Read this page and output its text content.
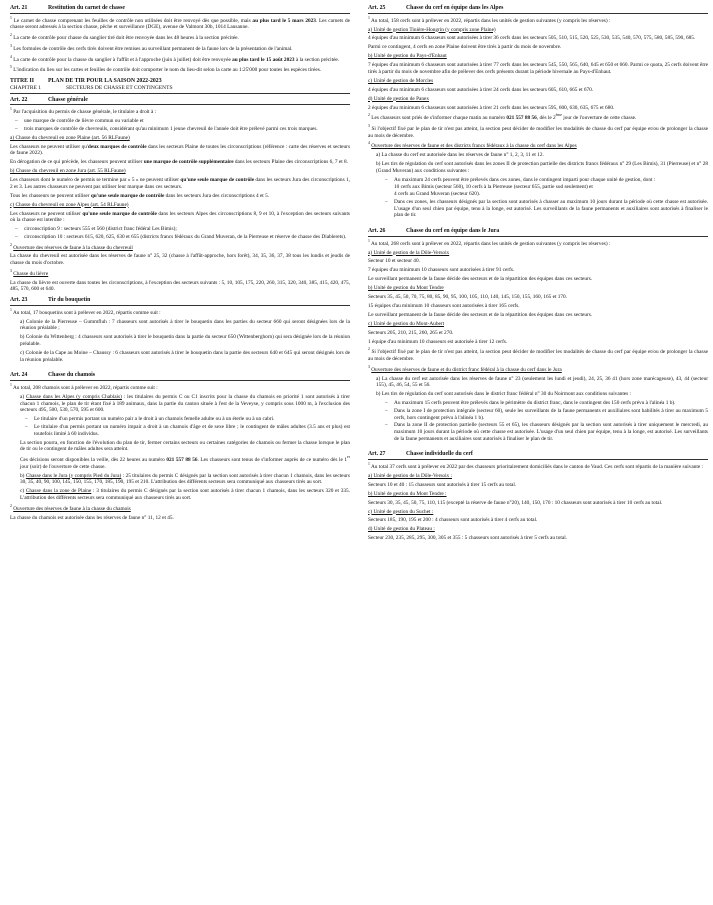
Art. 21	Restitution du carnet de chasse

$^1$ Le carnet de chasse comprenant les feuilles de contrôle non utilisées doit être renvoyé dès que possible, mais au plus tard le 5 mars 2023. Les carnets de chasse seront adressés à la section chasse, pêche et surveillance (DGE), avenue de Valmont 30b, 1014 Lausanne.

$^2$ La carte de contrôle pour chasse du sanglier tiré doit être renvoyée dans les 48 heures à la section précitée.

$^3$ Les formules de contrôle des cerfs tirés doivent être remises au surveillant permanent de la faune lors de la présentation de l'animal.

$^4$ La carte de contrôle pour la chasse du sanglier à l'affût et à l'approche (juin à juillet) doit être renvoyée au plus tard le 15 août 2023 à la section précitée.

$^5$ L'indication du lieu sur les cartes et feuilles de contrôle doit comporter le nom du lieu-dit selon la carte au 1:25'000 pour toutes les espèces tirées.

TITRE II	PLAN DE TIR POUR LA SAISON 2022-2023
CHAPITRE 1	SECTEURS DE CHASSE ET CONTINGENTS
Art. 22	Chasse générale

$^1$ Par l'acquisition du permis de chasse générale, le titulaire a droit à :

– une marque de contrôle de lièvre commun ou variable et
– trois marques de contrôle de chevreuils, considérant qu'au minimum 1 jeune chevreuil de l'année doit être prélevé parmi ces trois marques.

a) Chasse du chevreuil en zone Plaine (art. 56 RLFaune)

Les chasseurs ne peuvent utiliser qu'deux marques de contrôle dans les secteurs Plaine de toutes les circonscriptions (référence : carte des réserves et secteurs de faune 2022).

En dérogation de ce qui précède, les chasseurs peuvent utiliser une marque de contrôle supplémentaire dans les secteurs Plaine des circonscriptions 6, 7 et 8.

b) Chasse du chevreuil en zone Jura (art. 55 RLFaune)

Les chasseurs dont le numéro de permis se termine par « 5 » ne peuvent utiliser qu'une seule marque de contrôle dans les secteurs Jura des circonscriptions 1, 2 et 3. Les autres chasseurs ne peuvent pas utiliser leur marque dans ces secteurs.

Tous les chasseurs ne peuvent utiliser qu'une seule marque de contrôle dans les secteurs Jura des circonscriptions 4 et 5.

c) Chasse du chevreuil en zone Alpes (art. 54 RLFaune)

Les chasseurs ne peuvent utiliser qu'une seule marque de contrôle dans les secteurs Alpes des circonscriptions 8, 9 et 10, à l'exception des secteurs suivants où la chasse est interdite :

– circonscription 9 : secteurs 555 et 560 (district franc fédéral Les Bimis);
– circonscription 10 : secteurs 615, 620, 625, 630 et 655 (districts francs fédéraux du Grand Muveran, de la Pierreuse et réserve de chasse des Diablerets).

$^2$ Ouverture des réserves de faune à la chasse du chevreuil

La chasse du chevreuil est autorisée dans les réserves de faune n° 25, 32 (chasse à l'affût-approche, hors forêt), 34, 35, 36, 37, 38 tous les lundis et jeudis de chasse du mois d'octobre.

$^3$ Chasse du lièvre

La chasse du lièvre est ouverte dans toutes les circonscriptions, à l'exception des secteurs suivants : 5, 10, 105, 175, 220, 260, 315, 320, 340, 385, 415, 420, 475, 485, 570, 600 et 640.

Art. 23	Tir du bouquetin

$^1$ Au total, 17 bouquetins sont à prélever en 2022, répartis comme suit :

a) Colonie de la Pierreuse – Gummfluh : 7 chasseurs sont autorisés à tirer le bouquetin dans les parties du secteur 660 qui seront désignées lors de la réunion préalable ;

b) Colonie du Wittenberg : 4 chasseurs sont autorisés à tirer le bouquetin dans la partie du secteur 650 (Wittenberghorn) qui sera désignée lors de la réunion préalable.

c) Colonie de la Cape au Moine – Chaussy : 6 chasseurs sont autorisés à tirer le bouquetin dans la partie des secteurs 640 et 645 qui seront désignés lors de la réunion préalable.

Art. 24	Chasse du chamois

$^1$ Au total, 208 chamois sont à prélever en 2022, répartis comme suit :

a) Chasse dans les Alpes (y compris Chablais) : les titulaires du permis C ou C1 inscrits pour la chasse du chamois en priorité 1 sont autorisés à tirer chacun 1 chamois, le plan de tir étant fixé à 189 animaux, dans la partie du canton située à l'est de la Veveyse, y compris sous 1000 m, à l'exclusion des secteurs 495, 500, 530, 570, 595 et 600.

– Le titulaire d'un permis portant un numéro pair a le droit à un chamois femelle adulte ou à un éterle ou à un cabri.
– Le titulaire d'un permis portant un numéro impair a droit à un chamois d'âge et de sexe libre ; le contingent de mâles adultes (3.5 ans et plus) est toutefois limité à 60 individus.

La section pourra, en fonction de l'évolution du plan de tir, fermer certains secteurs ou certaines catégories de chamois ou fermer la chasse lorsque le plan de tir ou le contingent de mâles adultes sera atteint.

Ces décisions seront disponibles la veille, dès 22 heures au numéro 021 557 88 56. Les chasseurs sont tenus de s'informer auprès de ce numéro dès le 1er jour (soir) de l'ouverture de cette chasse.

b) Chasse dans le Jura (y compris Pied du Jura) : 25 titulaires du permis C désignés par la section sont autorisés à tirer chacun 1 chamois, dans les secteurs 30, 35, 40, 90, 100, 145, 150, 155, 170, 185, 190, 195 et 210. L'attribution des différents secteurs sera communiqué aux chasseurs tirés au sort.

c) Chasse dans la zone de Plaine : 3 titulaires du permis C désignés par la section sont autorisés à tirer chacun 1 chamois, dans les secteurs 320 et 335. L'attribution des différents secteurs sera communiqué aux chasseurs tirés au sort.

$^2$ Ouverture des réserves de faune à la chasse du chamois

La chasse du chamois est autorisée dans les réserves de faune n° 11, 12 et 45.

Art. 25	Chasse du cerf en équipe dans les Alpes

$^1$ Au total, 158 cerfs sont à prélever en 2022, répartis dans les unités de gestion suivantes (y compris les réserves) :

a) Unité de gestion Tinière-Hongrin (y compris zone Plaine)

4 équipes d'au minimum 6 chasseurs sont autorisées à tirer 36 cerfs dans les secteurs 505, 510, 515, 520, 525, 530, 535, 540, 570, 575, 580, 585, 590, 685.

Parmi ce contingent, 4 cerfs en zone Plaine doivent être tirés à partir du mois de novembre.

b) Unité de gestion du Pays-d'Enhaut

7 équipes d'au minimum 6 chasseurs sont autorisées à tirer 77 cerfs dans les secteurs 545, 550, 565, 640, 645 et 650 et 660. Parmi ce quota, 25 cerfs doivent être tirés à partir du mois de novembre afin de prélever des cerfs présents durant la période hivernale au Pays-d'Enhaut.

c) Unité de gestion de Morcles

4 équipes d'au minimum 6 chasseurs sont autorisées à tirer 24 cerfs dans les secteurs 605, 610, 665 et 670.

d) Unité de gestion de Panex

2 équipes d'au minimum 6 chasseurs sont autorisées à tirer 21 cerfs dans les secteurs 595, 600, 630, 635, 675 et 680.

$^2$ Les chasseurs sont priés de s'informer chaque matin au numéro 021 557 88 56, dès le 2ème jour de l'ouverture de cette chasse.

$^3$ Si l'objectif fixé par le plan de tir n'est pas atteint, la section peut décider de modifier les modalités de chasse du cerf par équipe et/ou de prolonger la chasse au mois de décembre.

$^4$ Ouverture des réserves de faune et des districts francs fédéraux à la chasse du cerf dans les Alpes

a) La chasse du cerf est autorisée dans les réserves de faune n° 1, 2, 3, 11 et 12.

b) Les tirs de régulation du cerf sont autorisés dans les zones II de protection partielle des districts francs fédéraux n° 29 (Les Bimis), 31 (Pierreuse) et n° 28 (Grand Muveran) aux conditions suivantes :

– Au maximum 24 cerfs peuvent être prélevés dans ces zones, dans le contingent imparti pour chaque unité de gestion, dont :
10 cerfs aux Bimis (secteur 560), 10 cerfs à la Pierreuse (secteur 655, partie sud seulement) et
4 cerfs au Grand Muveran (secteur 620).
– Dans ces zones, les chasseurs désignés par la section sont autorisés à chasser au maximum 10 jours durant la période où cette chasse est autorisée. L'usage d'un seul chien par équipe, tenu à la longe, est autorisé. Les surveillants de la faune permanents et auxiliaires sont autorisés à finaliser le plan de tir.
Art. 26	Chasse du cerf en équipe dans le Jura

$^1$ Au total, 268 cerfs sont à prélever en 2022, répartis dans les unités de gestion suivantes (y compris les réserves) :

a) Unité de gestion de la Dôle-Versoix

Secteur 10 et secteur 40.

7 équipes d'au minimum 10 chasseurs sont autorisées à tirer 91 cerfs.

Le surveillant permanent de la faune décide des secteurs et de la répartition des équipes dans ces secteurs.

b) Unité de gestion du Mont Tendre

Secteurs 35, 45, 50, 70, 75, 80, 85, 90, 95, 100, 105, 110, 140, 145, 150, 155, 160, 165 et 170.

15 équipes d'au minimum 10 chasseurs sont autorisées à tirer 165 cerfs.

Le surveillant permanent de la faune décide des secteurs et de la répartition des équipes dans ces secteurs.

c) Unité de gestion du Mont-Aubert

Secteurs 205, 210, 215, 260, 265 et 270.

1 équipe d'au minimum 10 chasseurs est autorisée à tirer 12 cerfs.

$^2$ Si l'objectif fixé par le plan de tir n'est pas atteint, la section peut décider de modifier les modalités de chasse du cerf par équipe et/ou de prolonger la chasse au mois de décembre.

$^3$ Ouverture des réserves de faune et du district franc fédéral à la chasse du cerf dans le Jura

a) La chasse du cerf est autorisée dans les réserves de faune n° 23 (seulement les lundi et jeudi), 24, 25, 36 41 (hors zone marécageuse), 43, 44 (secteur 155), 45, 46, 54, 55 et 56.

b) Les tirs de régulation du cerf sont autorisés dans le district franc fédéral n° 30 du Noirmont aux conditions suivantes :

– Au maximum 15 cerfs peuvent être prélevés dans le périmètre du district franc, dans le contingent des 150 cerfs prévu à l'alinéa 1 b).
– Dans la zone I de protection intégrale (secteur 60), seule les surveillants de la faune permanents et auxiliaires sont habilités à tirer au maximum 5 cerfs, hors contingent prévu à l'alinéa 1 b).
– Dans la zone II de protection partielle (secteurs 55 et 65), les chasseurs désignés par la section sont autorisés à tirer uniquement le mercredi, au maximum 10 jours durant la période où cette chasse est autorisée. L'usage d'un seul chien par équipe, tenu à la longe, est autorisé. Les surveillants de la faune permanents et auxiliaires sont autorisés à finaliser le plan de tir.
Art. 27	Chasse individuelle du cerf

$^1$ Au total 37 cerfs sont à prélever en 2022 par des chasseurs prioritairement domiciliés dans le canton de Vaud. Ces cerfs sont répartis de la manière suivante :

a) Unité de gestion de la Dôle-Versoix :

Secteurs 10 et 40 : 15 chasseurs sont autorisés à tirer 15 cerfs au total.

b) Unité de gestion du Mont Tendre :

Secteurs 30, 35, 45, 50, 75, 110, 115 (excepté la réserve de faune n°20), 140, 150, 170 : 10 chasseurs sont autorisés à tirer 10 cerfs au total.

c) Unité de gestion du Suchet :

Secteurs 185, 190, 195 et 200 : 4 chasseurs sont autorisés à tirer 4 cerfs au total.

d) Unité de gestion du Plateau :

Secteur 230, 235, 285, 295, 300, 305 et 355 : 5 chasseurs sont autorisés à tirer 5 cerfs au total.
